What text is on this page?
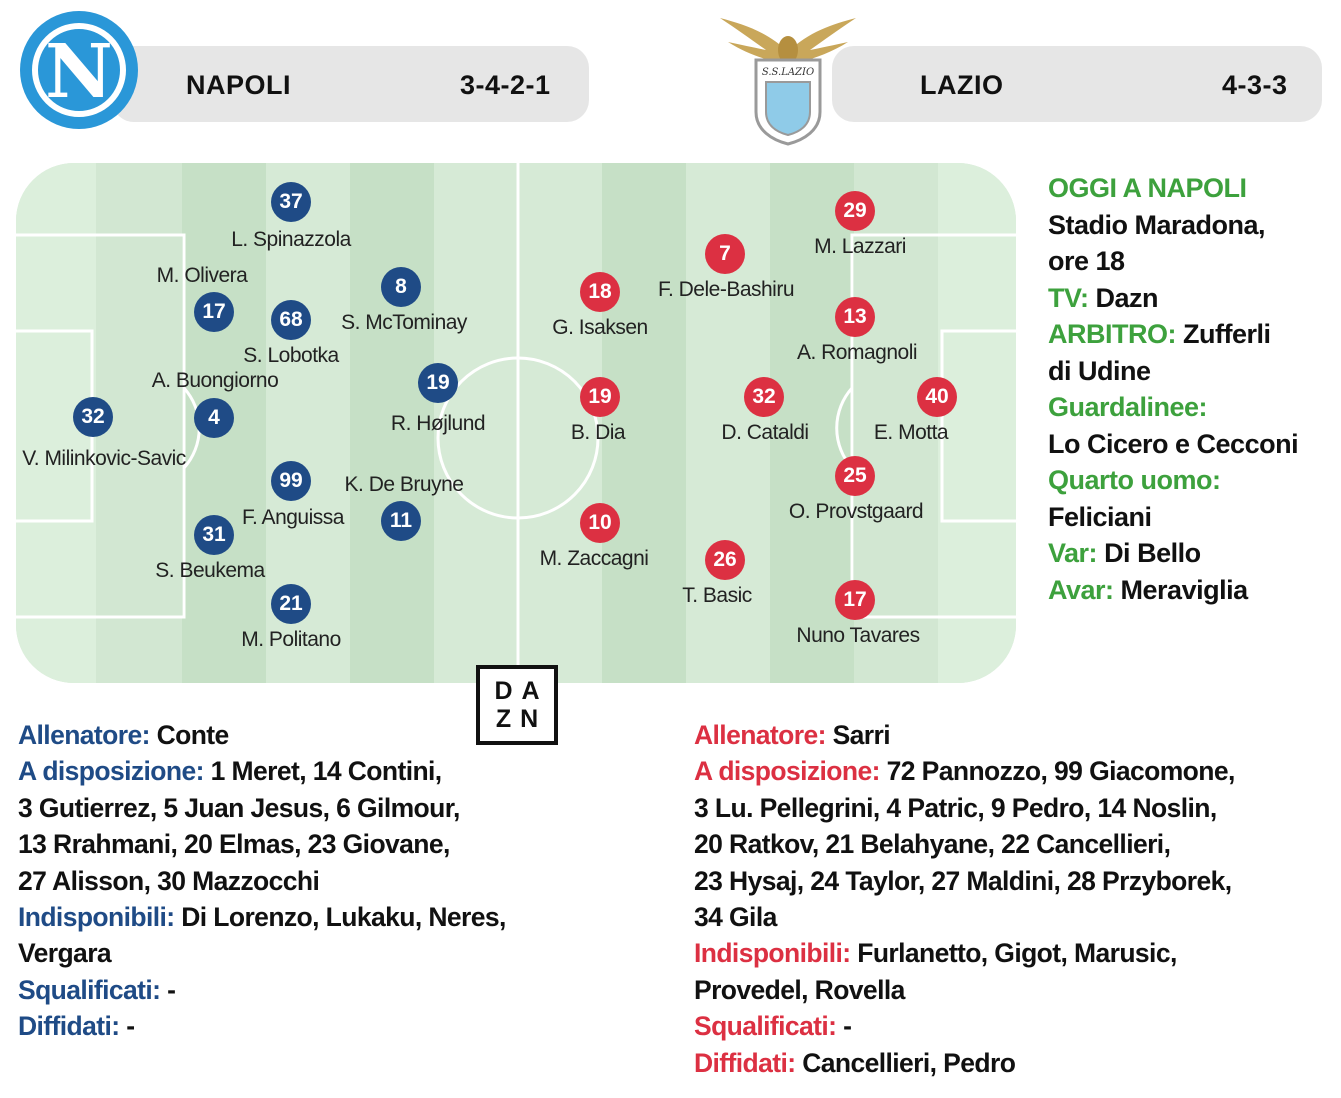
N	NAPOLI	3-4-2-1	S.S.LAZIO	LAZIO	4-3-3
32
V. Milinkovic-Savic
4
A. Buongiorno
68
S. Lobotka
17
M. Olivera
37
L. Spinazzola
8
S. McTominay
19
R. Højlund
99
F. Anguissa	11
K. De Bruyne
31
S. Beukema
21
M. Politano
29
M. Lazzari
7
F. Dele-Bashiru
18
G. Isaksen	13
A. Romagnoli
19
B. Dia
32
D. Cataldi
40
E. Motta
25
O. Provstgaard
10
M. Zaccagni	26
T. Basic	17
Nuno Tavares
OGGI A NAPOLI
Stadio Maradona,
ore 18
TV: Dazn
ARBITRO: Zufferli
di Udine
Guardalinee:
Lo Cicero e Cecconi
Quarto uomo:
Feliciani
Var: Di Bello
Avar: Meraviglia
DA
ZN
Allenatore: Conte
A disposizione: 1 Meret, 14 Contini,
3 Gutierrez, 5 Juan Jesus, 6 Gilmour,
13 Rrahmani, 20 Elmas, 23 Giovane,
27 Alisson, 30 Mazzocchi
Indisponibili: Di Lorenzo, Lukaku, Neres,
Vergara
Squalificati: -
Diffidati: -
Allenatore: Sarri
A disposizione: 72 Pannozzo, 99 Giacomone,
3 Lu. Pellegrini, 4 Patric, 9 Pedro, 14 Noslin,
20 Ratkov, 21 Belahyane, 22 Cancellieri,
23 Hysaj, 24 Taylor, 27 Maldini, 28 Przyborek,
34 Gila
Indisponibili: Furlanetto, Gigot, Marusic,
Provedel, Rovella
Squalificati: -
Diffidati: Cancellieri, Pedro
